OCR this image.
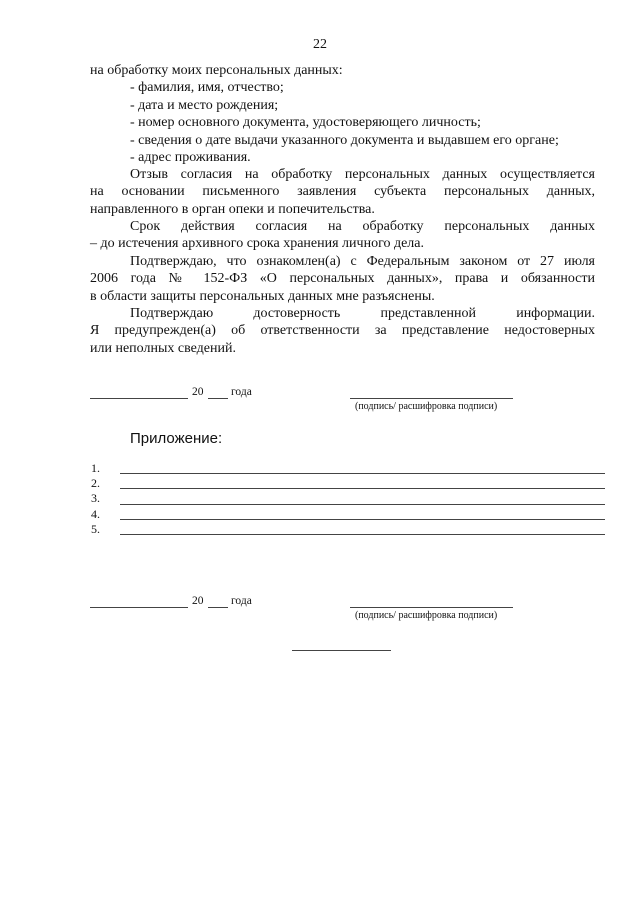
22
на обработку моих персональных данных:
- фамилия, имя, отчество;
- дата и место рождения;
- номер основного документа, удостоверяющего личность;
- сведения о дате выдачи указанного документа и выдавшем его органе;
- адрес проживания.
Отзыв согласия на обработку персональных данных осуществляется
на основании письменного заявления субъекта персональных данных,
направленного в орган опеки и попечительства.
Срок действия согласия на обработку персональных данных
– до истечения архивного срока хранения личного дела.
Подтверждаю, что ознакомлен(а) с Федеральным законом от 27 июля
2006 года № 152-ФЗ «О персональных данных», права и обязанности
в области защиты персональных данных мне разъяснены.
Подтверждаю достоверность представленной информации.
Я предупрежден(а) об ответственности за представление недостоверных
или неполных сведений.
20 года
(подпись/ расшифровка подписи)
Приложение:
1.
2.
3.
4.
5.
20 года
(подпись/ расшифровка подписи)
